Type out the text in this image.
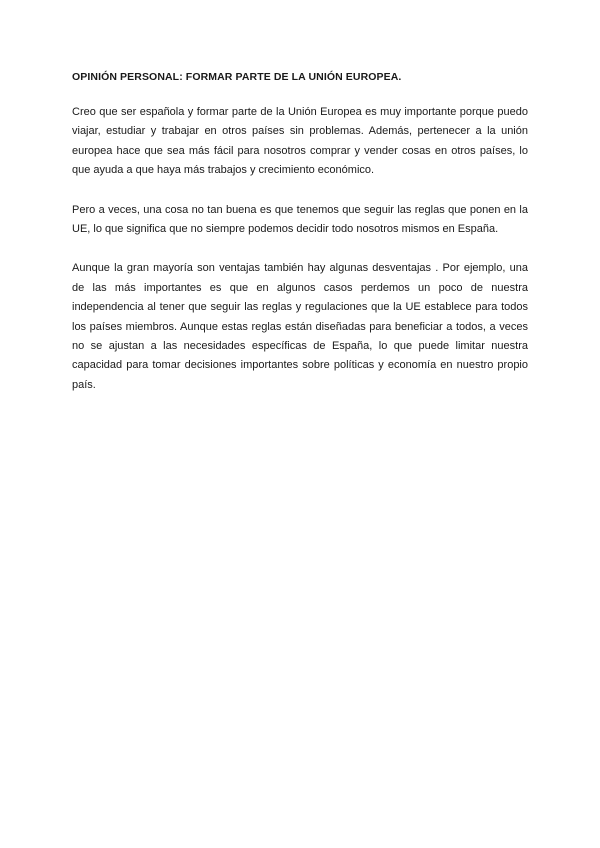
OPINIÓN PERSONAL: FORMAR PARTE DE LA UNIÓN EUROPEA.

Creo que ser española y formar parte de la Unión Europea es muy importante porque puedo viajar, estudiar y trabajar en otros países sin problemas. Además, pertenecer a la unión europea hace que sea más fácil para nosotros comprar y vender cosas en otros países, lo que ayuda a que haya más trabajos y crecimiento económico.

Pero a veces, una cosa no tan buena es que tenemos que seguir las reglas que ponen en la UE, lo que significa que no siempre podemos decidir todo nosotros mismos en España.

Aunque la gran mayoría son ventajas también hay algunas desventajas . Por ejemplo, una de las más importantes es que en algunos casos perdemos un poco de nuestra independencia al tener que seguir las reglas y regulaciones que la UE establece para todos los países miembros. Aunque estas reglas están diseñadas para beneficiar a todos, a veces no se ajustan a las necesidades específicas de España, lo que puede limitar nuestra capacidad para tomar decisiones importantes sobre políticas y economía en nuestro propio país.
